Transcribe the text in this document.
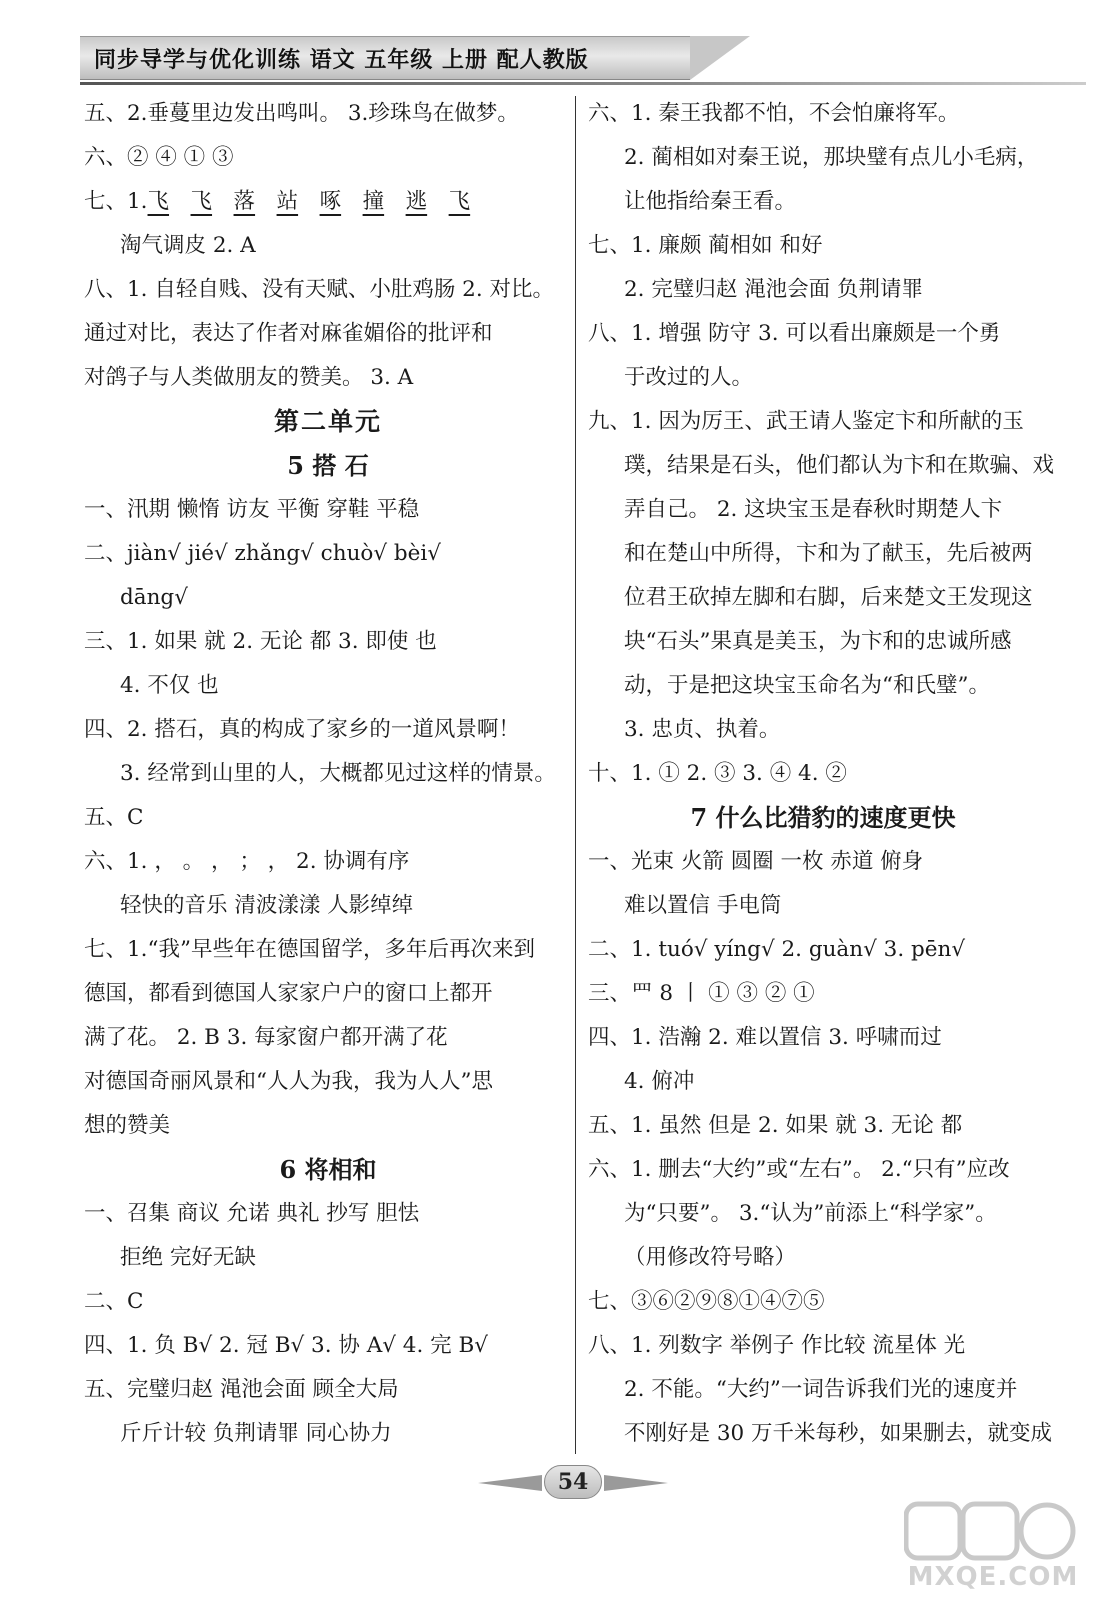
同步导学与优化训练 语文 五年级 上册 配人教版
五、2.垂蔓里边发出鸣叫。 3.珍珠鸟在做梦。
六、② ④ ① ③
七、1.飞  飞  落  站  啄  撞  逃  飞
淘气调皮 2. A
八、1. 自轻自贱、没有天赋、小肚鸡肠 2. 对比。
通过对比，表达了作者对麻雀媚俗的批评和
对鸽子与人类做朋友的赞美。 3. A
第二单元
5 搭 石
一、汛期 懒惰 访友 平衡 穿鞋 平稳
二、jiàn√ jié√ zhǎng√ chuò√ bèi√
dāng√
三、1. 如果 就 2. 无论 都 3. 即使 也
4. 不仅 也
四、2. 搭石，真的构成了家乡的一道风景啊！
3. 经常到山里的人，大概都见过这样的情景。
五、C
六、1. ， 。 ， ； ， 2. 协调有序
轻快的音乐 清波漾漾 人影绰绰
七、1.“我”早些年在德国留学，多年后再次来到
德国，都看到德国人家家户户的窗口上都开
满了花。 2. B 3. 每家窗户都开满了花
对德国奇丽风景和“人人为我，我为人人”思
想的赞美
6 将相和
一、召集 商议 允诺 典礼 抄写 胆怯
拒绝 完好无缺
二、C
四、1. 负 B√ 2. 冠 B√ 3. 协 A√ 4. 完 B√
五、完璧归赵 渑池会面 顾全大局
斤斤计较 负荆请罪 同心协力
六、1. 秦王我都不怕，不会怕廉将军。
2. 蔺相如对秦王说，那块璧有点儿小毛病，
让他指给秦王看。
七、1. 廉颇 蔺相如 和好
2. 完璧归赵 渑池会面 负荆请罪
八、1. 增强 防守 3. 可以看出廉颇是一个勇
于改过的人。
九、1. 因为厉王、武王请人鉴定卞和所献的玉
璞，结果是石头，他们都认为卞和在欺骗、戏
弄自己。 2. 这块宝玉是春秋时期楚人卞
和在楚山中所得，卞和为了献玉，先后被两
位君王砍掉左脚和右脚，后来楚文王发现这
块“石头”果真是美玉，为卞和的忠诚所感
动，于是把这块宝玉命名为“和氏璧”。
3. 忠贞、执着。
十、1. ① 2. ③ 3. ④ 4. ②
7 什么比猎豹的速度更快
一、光束 火箭 圆圈 一枚 赤道 俯身
难以置信 手电筒
二、1. tuó√ yíng√ 2. guàn√ 3. pēn√
三、罒 8 丨 ① ③ ② ①
四、1. 浩瀚 2. 难以置信 3. 呼啸而过
4. 俯冲
五、1. 虽然 但是 2. 如果 就 3. 无论 都
六、1. 删去“大约”或“左右”。 2.“只有”应改
为“只要”。 3.“认为”前添上“科学家”。
（用修改符号略）
七、③⑥②⑨⑧①④⑦⑤
八、1. 列数字 举例子 作比较 流星体 光
2. 不能。“大约”一词告诉我们光的速度并
不刚好是 30 万千米每秒，如果删去，就变成
54
MXQE.COM
